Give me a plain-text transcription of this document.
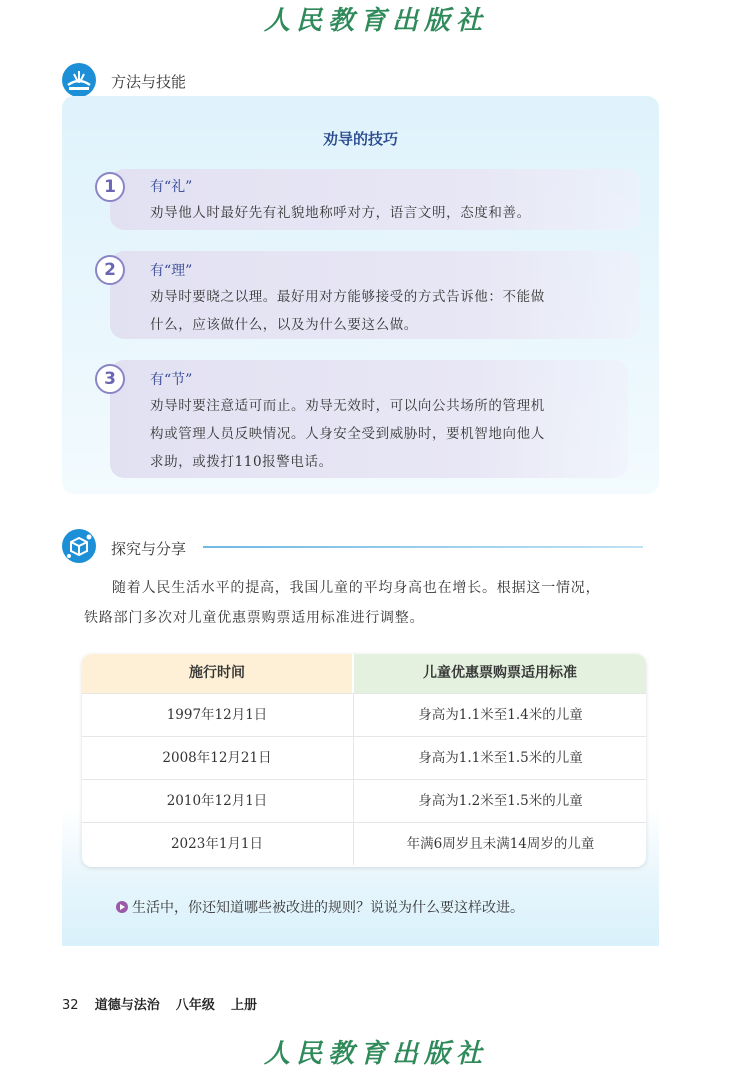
人民教育出版社
方法与技能
劝导的技巧
1	有“礼”
劝导他人时最好先有礼貌地称呼对方，语言文明，态度和善。
2	有“理”
劝导时要晓之以理。最好用对方能够接受的方式告诉他：不能做
什么，应该做什么，以及为什么要这么做。
3	有“节”
劝导时要注意适可而止。劝导无效时，可以向公共场所的管理机
构或管理人员反映情况。人身安全受到威胁时，要机智地向他人
求助，或拨打110报警电话。
探究与分享

随着人民生活水平的提高，我国儿童的平均身高也在增长。根据这一情况，

铁路部门多次对儿童优惠票购票适用标准进行调整。

施行时间	儿童优惠票购票适用标准
1997年12月1日	身高为1.1米至1.4米的儿童
2008年12月21日	身高为1.1米至1.5米的儿童
2010年12月1日	身高为1.2米至1.5米的儿童
2023年1月1日	年满6周岁且未满14周岁的儿童
生活中，你还知道哪些被改进的规则？说说为什么要这样改进。
32 道德与法治 八年级 上册
人民教育出版社
